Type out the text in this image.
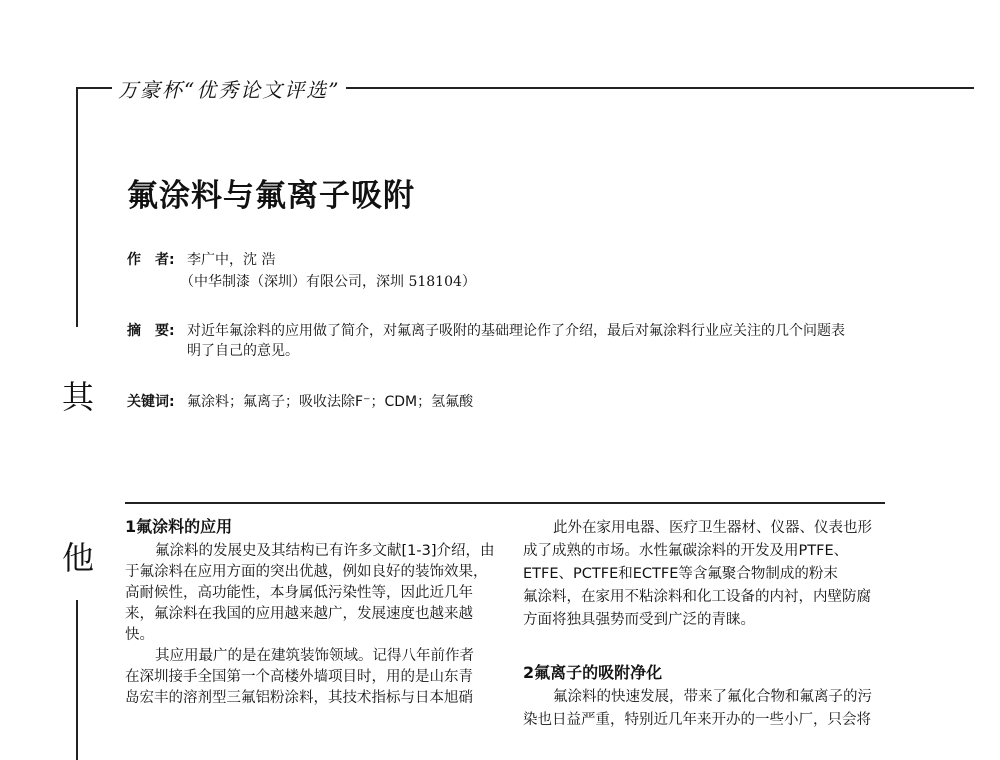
万豪杯“优秀论文评选”
其
他
氟涂料与氟离子吸附
作　者: 李广中，沈 浩
（中华制漆（深圳）有限公司，深圳 518104）
摘　要: 对近年氟涂料的应用做了简介，对氟离子吸附的基础理论作了介绍，最后对氟涂料行业应关注的几个问题表
明了自己的意见。
关键词: 氟涂料；氟离子；吸收法除F⁻；CDM；氢氟酸

1氟涂料的应用

氟涂料的发展史及其结构已有许多文献[1-3]介绍，由

于氟涂料在应用方面的突出优越，例如良好的装饰效果，

高耐候性，高功能性，本身属低污染性等，因此近几年

来，氟涂料在我国的应用越来越广，发展速度也越来越

快。

其应用最广的是在建筑装饰领域。记得八年前作者

在深圳接手全国第一个高楼外墙项目时，用的是山东青

岛宏丰的溶剂型三氟铝粉涂料，其技术指标与日本旭硝

此外在家用电器、医疗卫生器材、仪器、仪表也形

成了成熟的市场。水性氟碳涂料的开发及用PTFE、

ETFE、PCTFE和ECTFE等含氟聚合物制成的粉末

氟涂料，在家用不粘涂料和化工设备的内衬，内壁防腐

方面将独具强势而受到广泛的青睐。

2氟离子的吸附净化

氟涂料的快速发展，带来了氟化合物和氟离子的污

染也日益严重，特别近几年来开办的一些小厂，只会将
